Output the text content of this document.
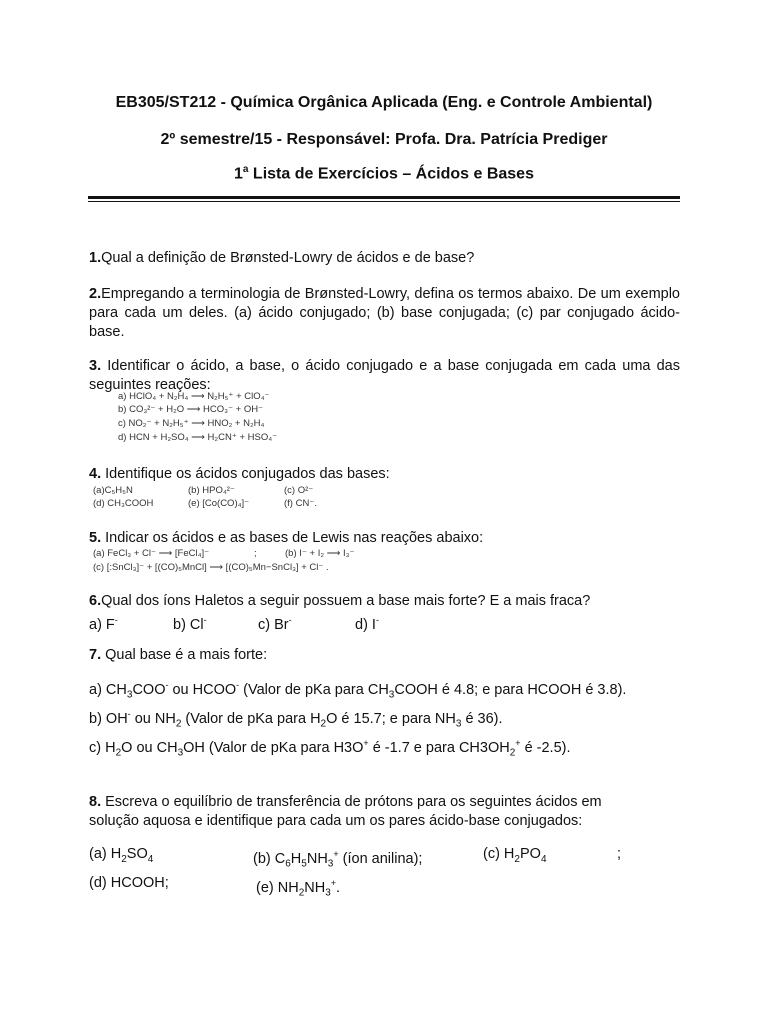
EB305/ST212 - Química Orgânica Aplicada (Eng. e Controle Ambiental)
2º semestre/15 - Responsável: Profa. Dra. Patrícia Prediger
1$^a$ Lista de Exercícios – Ácidos e Bases
1.Qual a definição de Brønsted-Lowry de ácidos e de base?
2.Empregando a terminologia de Brønsted-Lowry, defina os termos abaixo. De um exemplo para cada um deles. (a) ácido conjugado; (b) base conjugada; (c) par conjugado ácido-base.
3. Identificar o ácido, a base, o ácido conjugado e a base conjugada em cada uma das seguintes reações:
a) HClO₄ + N₂H₄ ⟶ N₂H₅⁺ + ClO₄⁻
b) CO₃²⁻ + H₂O ⟶ HCO₃⁻ + OH⁻
c) NO₂⁻ + N₂H₅⁺ ⟶ HNO₂ + N₂H₄
d) HCN + H₂SO₄ ⟶ H₂CN⁺ + HSO₄⁻
4. Identifique os ácidos conjugados das bases:
(a)C₅H₅N	(b) HPO₄²⁻	(c) O²⁻
(d) CH₃COOH	(e) [Co(CO)₄]⁻	(f) CN⁻.
5. Indicar os ácidos e as bases de Lewis nas reações abaixo:
(a) FeCl₃ + Cl⁻ ⟶ [FeCl₄]⁻	;	(b) I⁻ + I₂ ⟶ I₃⁻
(c) [:SnCl₃]⁻ + [(CO)₅MnCl] ⟶ [(CO)₅Mn−SnCl₃] + Cl⁻ .
6.Qual dos íons Haletos a seguir possuem a base mais forte? E a mais fraca?
a) F-	b) Cl-	c) Br-	d) I-
7. Qual base é a mais forte:
a) $CH_3COO^-$ ou HCOO- (Valor de pKa para $CH_3COOH$ é 4.8; e para HCOOH é 3.8).
b) OH- ou $NH_2$ (Valor de pKa para $H_2O$ é 15.7; e para $NH_3$ é 36).
c) $H_2O$ ou $CH_3OH$ (Valor de pKa para H3O+ é -1.7 e para $CH3OH_2^+$ é -2.5).
8. Escreva o equilíbrio de transferência de prótons para os seguintes ácidos em solução aquosa e identifique para cada um os pares ácido-base conjugados:
(a) $H_2SO_4$	(b) $C_6H_5NH_3^+$ (íon anilina);	(c) $H_2PO_4$	;
(d) HCOOH;	(e) $NH_2NH_3^+$.
